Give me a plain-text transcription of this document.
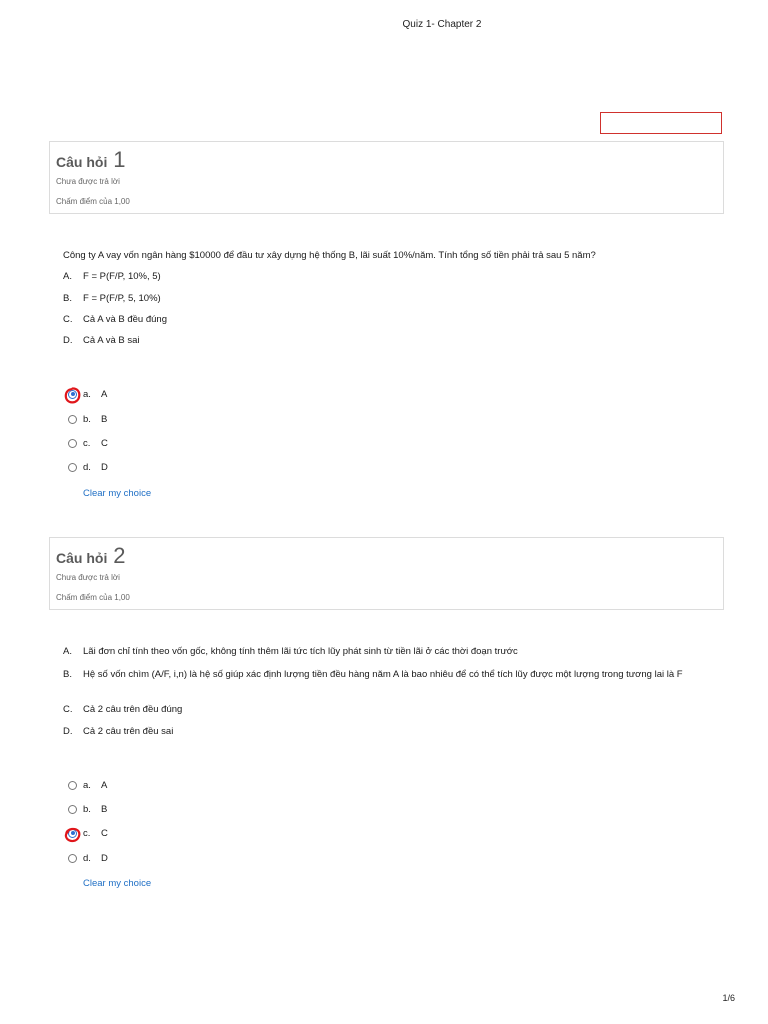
Quiz 1- Chapter 2
Câu hỏi 1
Chưa được trả lời
Chấm điểm của 1,00
Công ty A vay vốn ngân hàng $10000 để đầu tư xây dựng hệ thống B, lãi suất 10%/năm. Tính tổng số tiền phải trả sau 5 năm?
A. F = P(F/P, 10%, 5)
B. F = P(F/P, 5, 10%)
C. Cả A và B đều đúng
D. Cả A và B sai
a.	A
b.	B
c.	C
d.	D
Clear my choice
Câu hỏi 2
Chưa được trả lời
Chấm điểm của 1,00
A. Lãi đơn chỉ tính theo vốn gốc, không tính thêm lãi tức tích lũy phát sinh từ tiền lãi ở các thời đoạn trước
B. Hệ số vốn chìm (A/F, i,n) là hệ số giúp xác định lượng tiền đều hàng năm A là bao nhiêu để có thể tích lũy được một lượng trong tương lai là F
C. Cả 2 câu trên đều đúng
D. Cả 2 câu trên đều sai
a.	A
b.	B
c.	C
d.	D
Clear my choice
1/6
